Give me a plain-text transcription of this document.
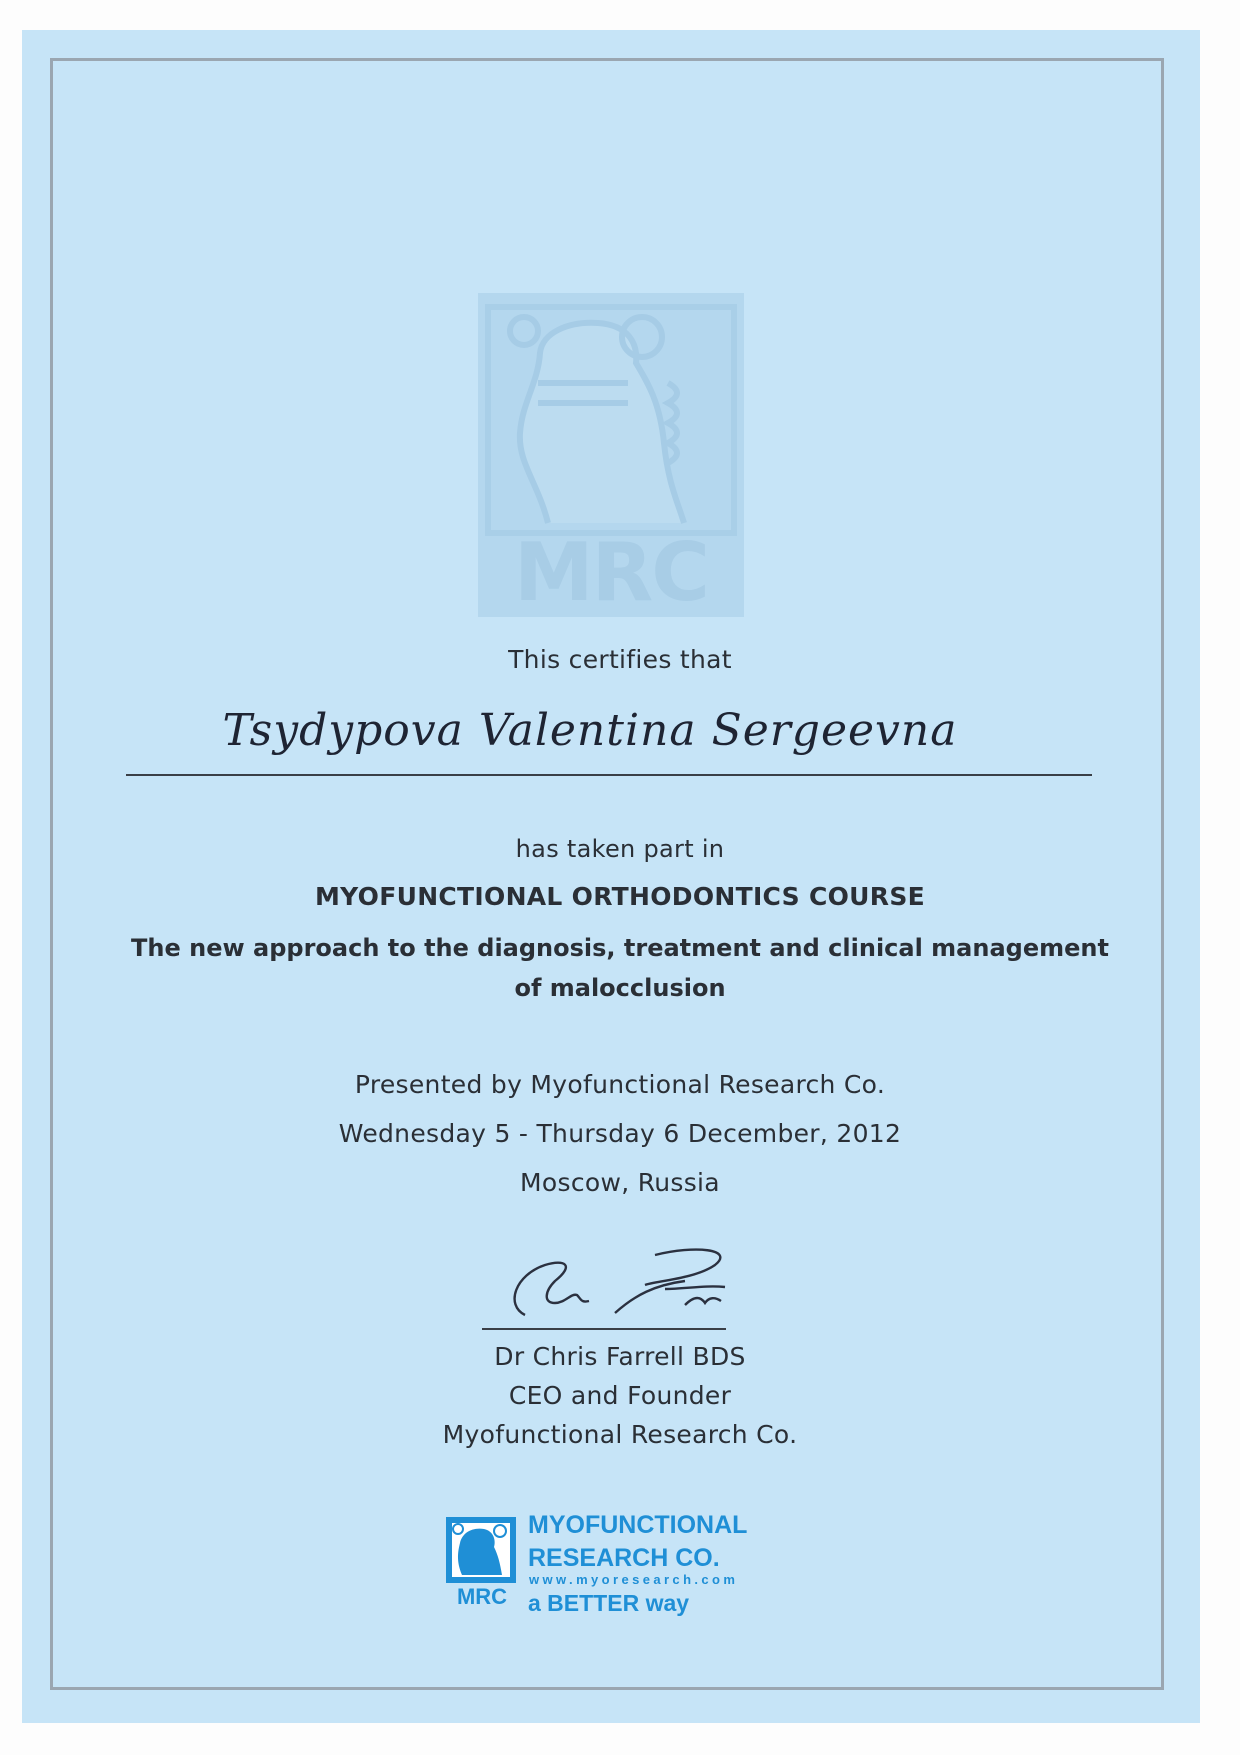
MRC
This certifies that
Tsydypova Valentina Sergeevna
has taken part in
MYOFUNCTIONAL ORTHODONTICS COURSE
The new approach to the diagnosis, treatment and clinical management of malocclusion
Presented by Myofunctional Research Co.
Wednesday 5 - Thursday 6 December, 2012
Moscow, Russia
Dr Chris Farrell BDS
CEO and Founder
Myofunctional Research Co.
MRC
MYOFUNCTIONAL
RESEARCH CO.
www.myoresearch.com
a BETTER way
